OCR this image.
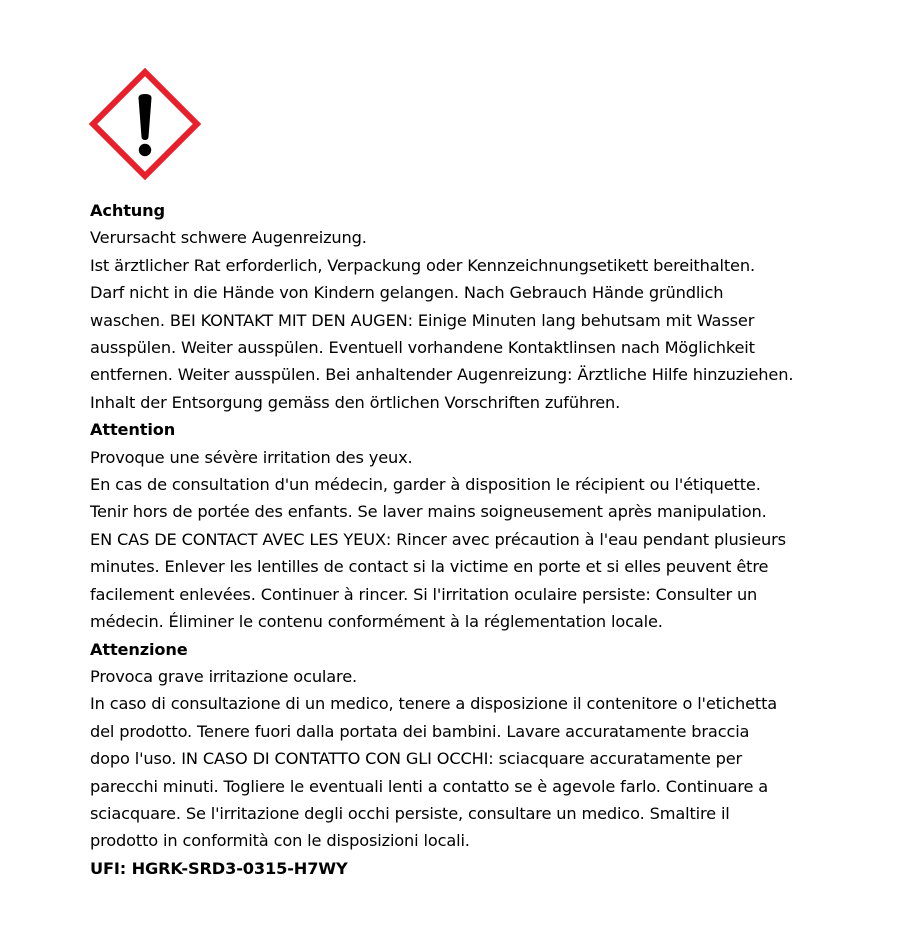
Achtung
Verursacht schwere Augenreizung.
Ist ärztlicher Rat erforderlich, Verpackung oder Kennzeichnungsetikett bereithalten.
Darf nicht in die Hände von Kindern gelangen. Nach Gebrauch Hände gründlich
waschen. BEI KONTAKT MIT DEN AUGEN: Einige Minuten lang behutsam mit Wasser
ausspülen. Weiter ausspülen. Eventuell vorhandene Kontaktlinsen nach Möglichkeit
entfernen. Weiter ausspülen. Bei anhaltender Augenreizung: Ärztliche Hilfe hinzuziehen.
Inhalt der Entsorgung gemäss den örtlichen Vorschriften zuführen.
Attention
Provoque une sévère irritation des yeux.
En cas de consultation d'un médecin, garder à disposition le récipient ou l'étiquette.
Tenir hors de portée des enfants. Se laver mains soigneusement après manipulation.
EN CAS DE CONTACT AVEC LES YEUX: Rincer avec précaution à l'eau pendant plusieurs
minutes. Enlever les lentilles de contact si la victime en porte et si elles peuvent être
facilement enlevées. Continuer à rincer. Si l'irritation oculaire persiste: Consulter un
médecin. Éliminer le contenu conformément à la réglementation locale.
Attenzione
Provoca grave irritazione oculare.
In caso di consultazione di un medico, tenere a disposizione il contenitore o l'etichetta
del prodotto. Tenere fuori dalla portata dei bambini. Lavare accuratamente braccia
dopo l'uso. IN CASO DI CONTATTO CON GLI OCCHI: sciacquare accuratamente per
parecchi minuti. Togliere le eventuali lenti a contatto se è agevole farlo. Continuare a
sciacquare. Se l'irritazione degli occhi persiste, consultare un medico. Smaltire il
prodotto in conformità con le disposizioni locali.
UFI: HGRK-SRD3-0315-H7WY
